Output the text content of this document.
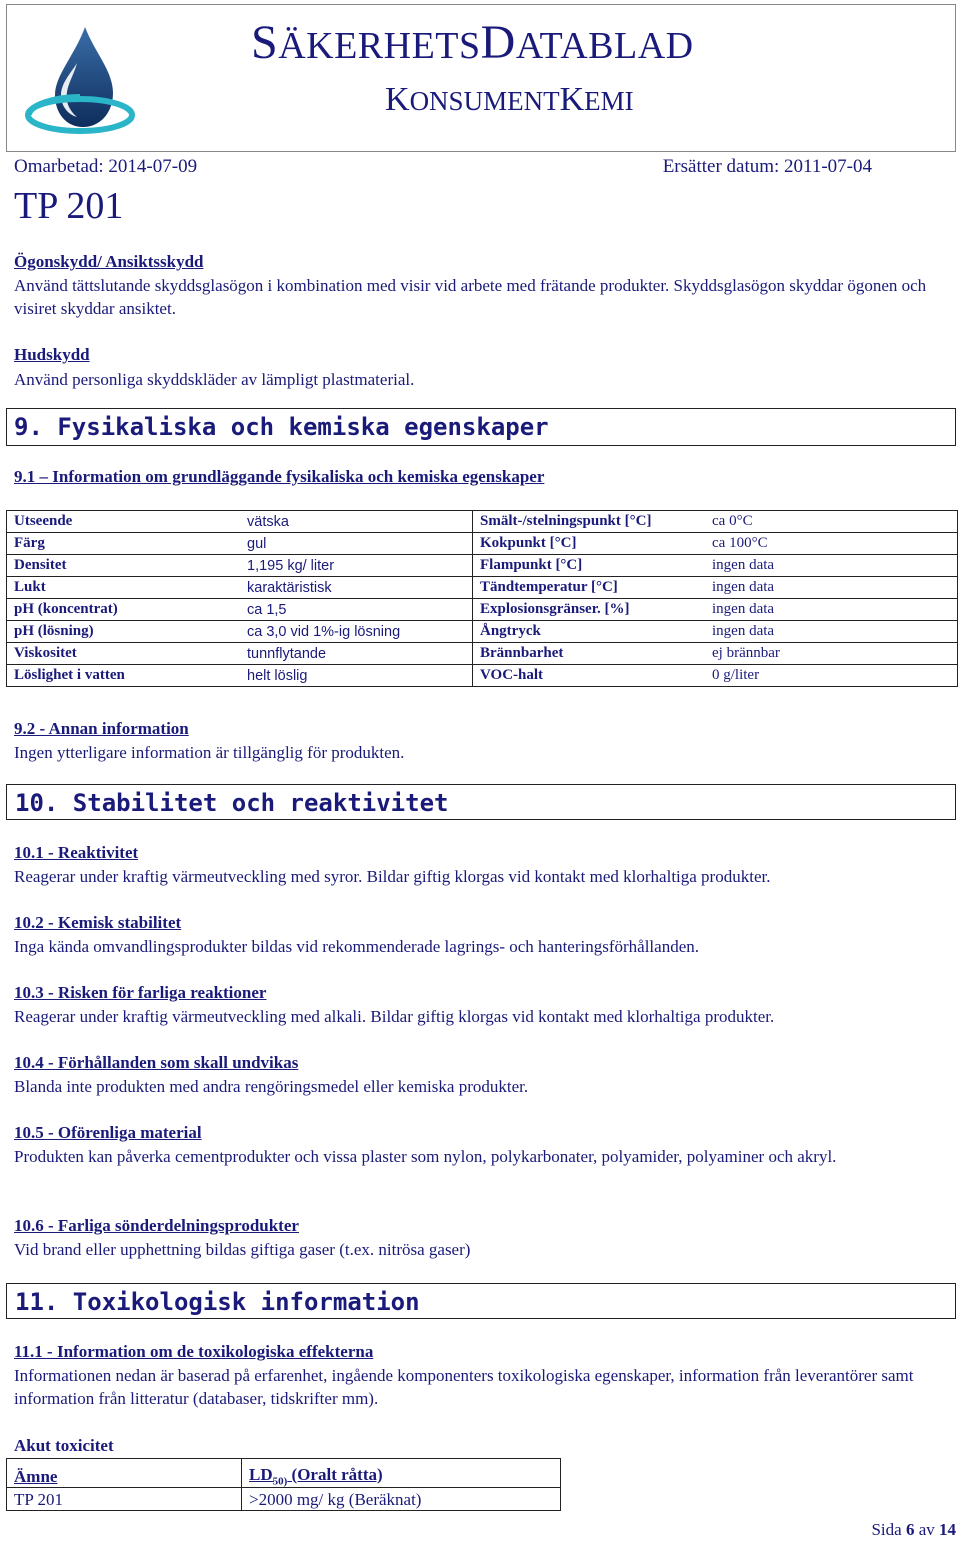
SÄKERHETSDATABLAD
KONSUMENTKEMI
Omarbetad: 2014-07-09	Ersätter datum: 2011-07-04
TP 201
Ögonskydd/ Ansiktsskydd
Använd tättslutande skyddsglasögon i kombination med visir vid arbete med frätande produkter. Skyddsglasögon skyddar ögonen och visiret skyddar ansiktet.
Hudskydd
Använd personliga skyddskläder av lämpligt plastmaterial.
9. Fysikaliska och kemiska egenskaper
9.1 – Information om grundläggande fysikaliska och kemiska egenskaper
Utseende	vätska	Smält-/stelningspunkt [°C]	ca 0°C
Färg	gul	Kokpunkt [°C]	ca 100°C
Densitet	1,195 kg/ liter	Flampunkt [°C]	ingen data
Lukt	karaktäristisk	Tändtemperatur [°C]	ingen data
pH (koncentrat)	ca 1,5	Explosionsgränser. [%]	ingen data
pH (lösning)	ca 3,0 vid 1%-ig lösning	Ångtryck	ingen data
Viskositet	tunnflytande	Brännbarhet	ej brännbar
Löslighet i vatten	helt löslig	VOC-halt	0 g/liter
9.2 - Annan information
Ingen ytterligare information är tillgänglig för produkten.
10. Stabilitet och reaktivitet
10.1 - Reaktivitet
Reagerar under kraftig värmeutveckling med syror. Bildar giftig klorgas vid kontakt med klorhaltiga produkter.
10.2 - Kemisk stabilitet
Inga kända omvandlingsprodukter bildas vid rekommenderade lagrings- och hanteringsförhållanden.
10.3 - Risken för farliga reaktioner
Reagerar under kraftig värmeutveckling med alkali. Bildar giftig klorgas vid kontakt med klorhaltiga produkter.
10.4 - Förhållanden som skall undvikas
Blanda inte produkten med andra rengöringsmedel eller kemiska produkter.
10.5 - Oförenliga material
Produkten kan påverka cementprodukter och vissa plaster som nylon, polykarbonater, polyamider, polyaminer och akryl.
10.6 - Farliga sönderdelningsprodukter
Vid brand eller upphettning bildas giftiga gaser (t.ex. nitrösa gaser)
11. Toxikologisk information
11.1 - Information om de toxikologiska effekterna
Informationen nedan är baserad på erfarenhet, ingående komponenters toxikologiska egenskaper, information från leverantörer samt information från litteratur (databaser, tidskrifter mm).
Akut toxicitet
Ämne	$LD_{50)}$ (Oralt råtta)
TP 201	>2000 mg/ kg (Beräknat)
Sida 6 av 14
